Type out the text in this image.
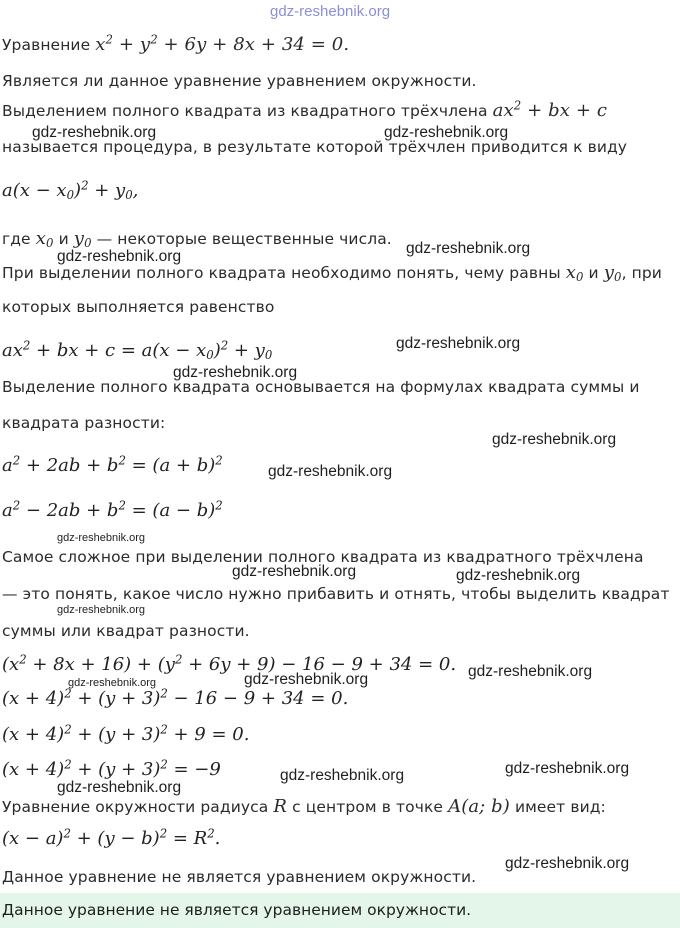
gdz-reshebnik.org
Уравнение $x^2 + y^2 + 6y + 8x + 34 = 0$.
Является ли данное уравнение уравнением окружности.
Выделением полного квадрата из квадратного трёхчлена $ax^2$ + bx + c
называется процедура, в результате которой трёхчлен приводится к виду
$a(x - x_0)^2 + y_0$,
где $x_0$ и $y_0$ — некоторые вещественные числа.
При выделении полного квадрата необходимо понять, чему равны $x_0$ и $y_0$, при
которых выполняется равенство
$ax^2$ + bx + $c = a(x - x_0)^2 + y_0$
Выделение полного квадрата основывается на формулах квадрата суммы и
квадрата разности:
$a^2 + 2ab + b^2 = (a + b)^2$
$a^2 - 2ab + b^2 = (a - b)^2$
Самое сложное при выделении полного квадрата из квадратного трёхчлена
— это понять, какое число нужно прибавить и отнять, чтобы выделить квадрат
суммы или квадрат разности.
$(x^2 + 8x + 16) + (y^2 + 6y + 9) - 16 - 9 + 34 = 0$.
$(x + 4)^2 + (y + 3)^2 - 16 - 9 + 34 = 0$.
$(x + 4)^2 + (y + 3)^2 + 9 = 0$.
$(x + 4)^2 + (y + 3)^2 = -9$
Уравнение окружности радиуса R с центром в точке A(a; b) имеет вид:
$(x - a)^2 + (y - b)^2 = R^2$.
Данное уравнение не является уравнением окружности.
Данное уравнение не является уравнением окружности.
gdz-reshebnik.org	gdz-reshebnik.org
gdz-reshebnik.org
gdz-reshebnik.org
gdz-reshebnik.org
gdz-reshebnik.org
gdz-reshebnik.org
gdz-reshebnik.org
gdz-reshebnik.org
gdz-reshebnik.org	gdz-reshebnik.org
gdz-reshebnik.org
gdz-reshebnik.org
gdz-reshebnik.org	gdz-reshebnik.org
gdz-reshebnik.org
gdz-reshebnik.org
gdz-reshebnik.org
gdz-reshebnik.org
